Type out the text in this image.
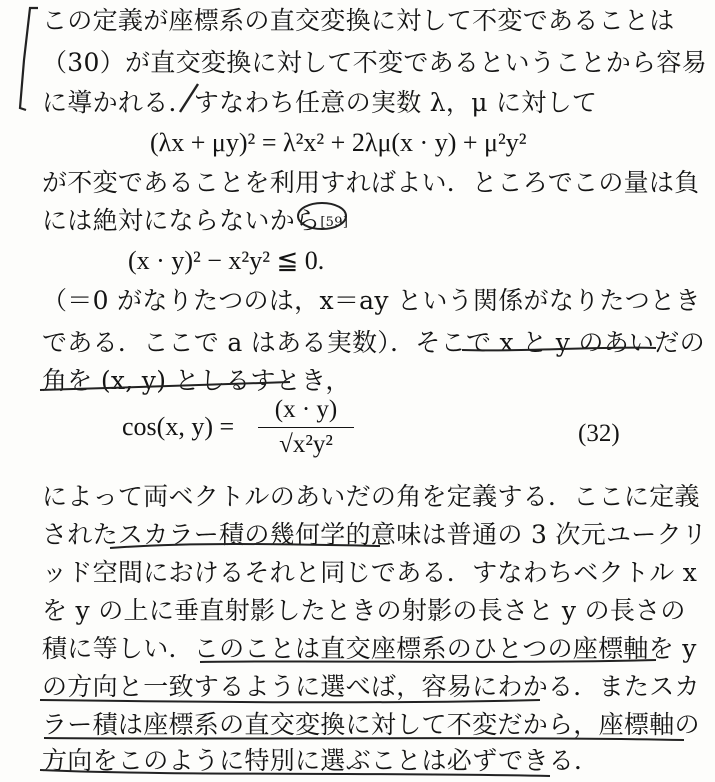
この定義が座標系の直交変換に対して不変であることは
（30）が直交変換に対して不変であるということから容易
に導かれる．すなわち任意の実数 λ，μ に対して
(λx + μy)² = λ²x² + 2λμ(x · y) + μ²y²
が不変であることを利用すればよい．ところでこの量は負
には絶対にならないから[59]
(x · y)² − x²y² ≦ 0.
（＝0 がなりたつのは，x＝ay という関係がなりたつとき
である．ここで a はある実数）．そこで x と y のあいだの
角を (x, y) としるすとき，
cos(x, y) =
(x · y)
√x²y²	(32)
によって両ベクトルのあいだの角を定義する．ここに定義
されたスカラー積の幾何学的意味は普通の 3 次元ユークリ
ッド空間におけるそれと同じである．すなわちベクトル x
を y の上に垂直射影したときの射影の長さと y の長さの
積に等しい．このことは直交座標系のひとつの座標軸を y
の方向と一致するように選べば，容易にわかる．またスカ
ラー積は座標系の直交変換に対して不変だから，座標軸の
方向をこのように特別に選ぶことは必ずできる．
